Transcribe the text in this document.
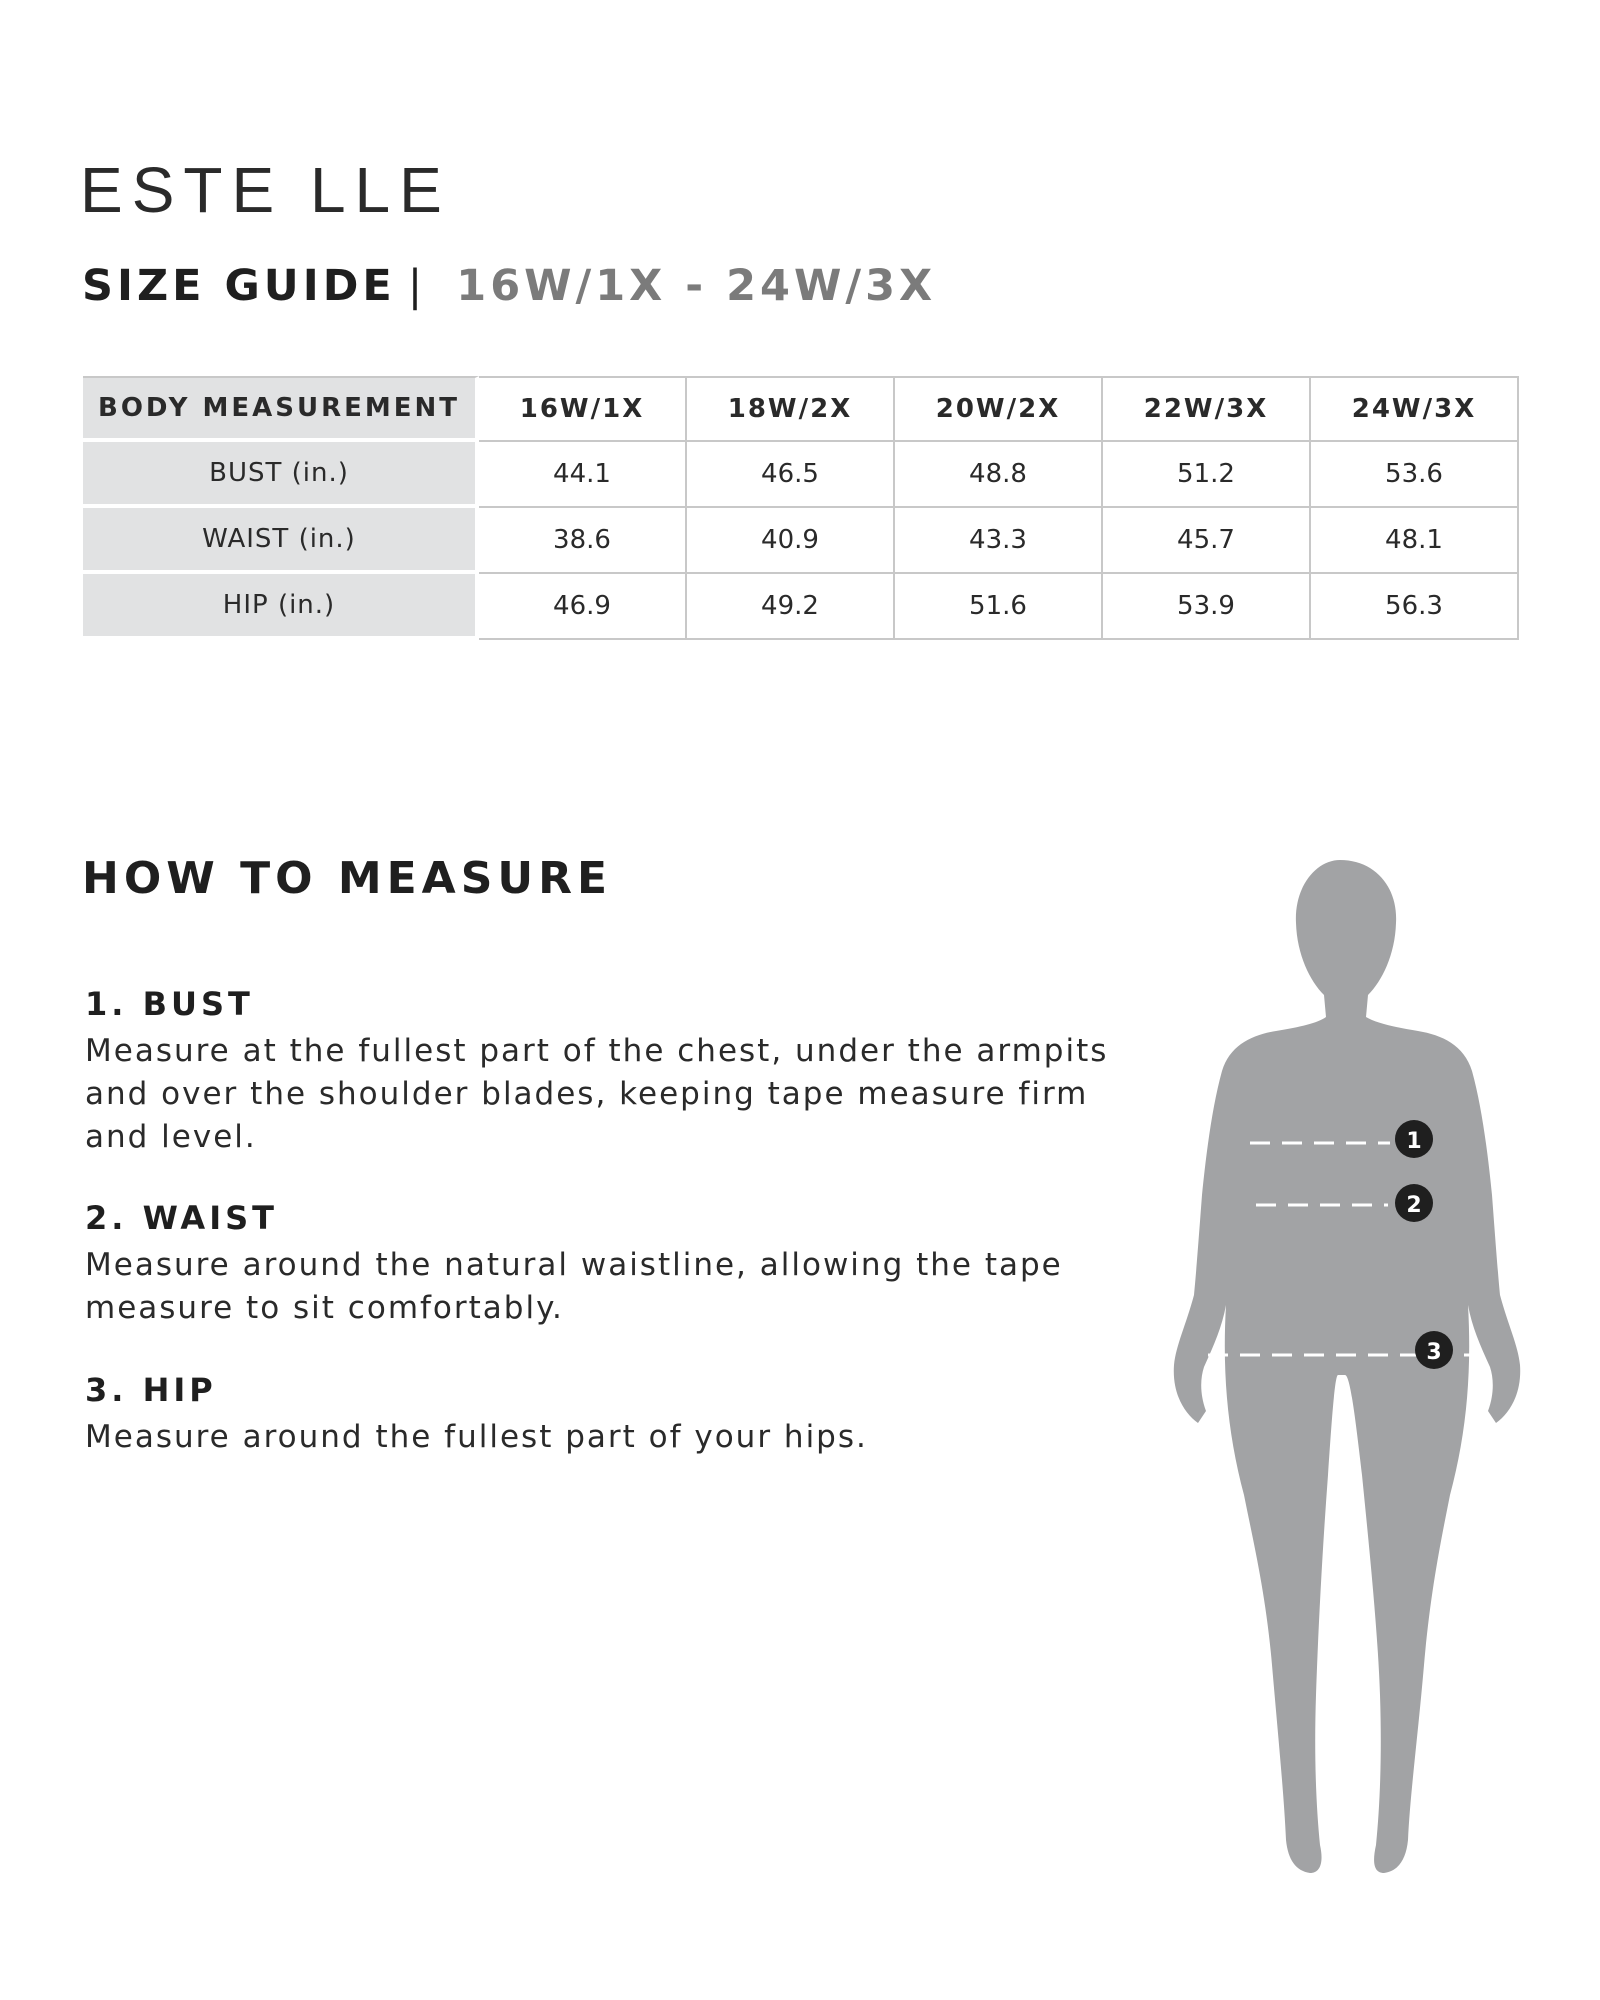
ESTE LLE
SIZE GUIDE | 16W/1X - 24W/3X
BODY MEASUREMENT	16W/1X	18W/2X	20W/2X	22W/3X	24W/3X
BUST (in.)	44.1	46.5	48.8	51.2	53.6
WAIST (in.)	38.6	40.9	43.3	45.7	48.1
HIP (in.)	46.9	49.2	51.6	53.9	56.3
HOW TO MEASURE

1. BUST

Measure at the fullest part of the chest, under the armpits and over the shoulder blades, keeping tape measure firm and level.

2. WAIST

Measure around the natural waistline, allowing the tape measure to sit comfortably.

3. HIP

Measure around the fullest part of your hips.

1
2
3
